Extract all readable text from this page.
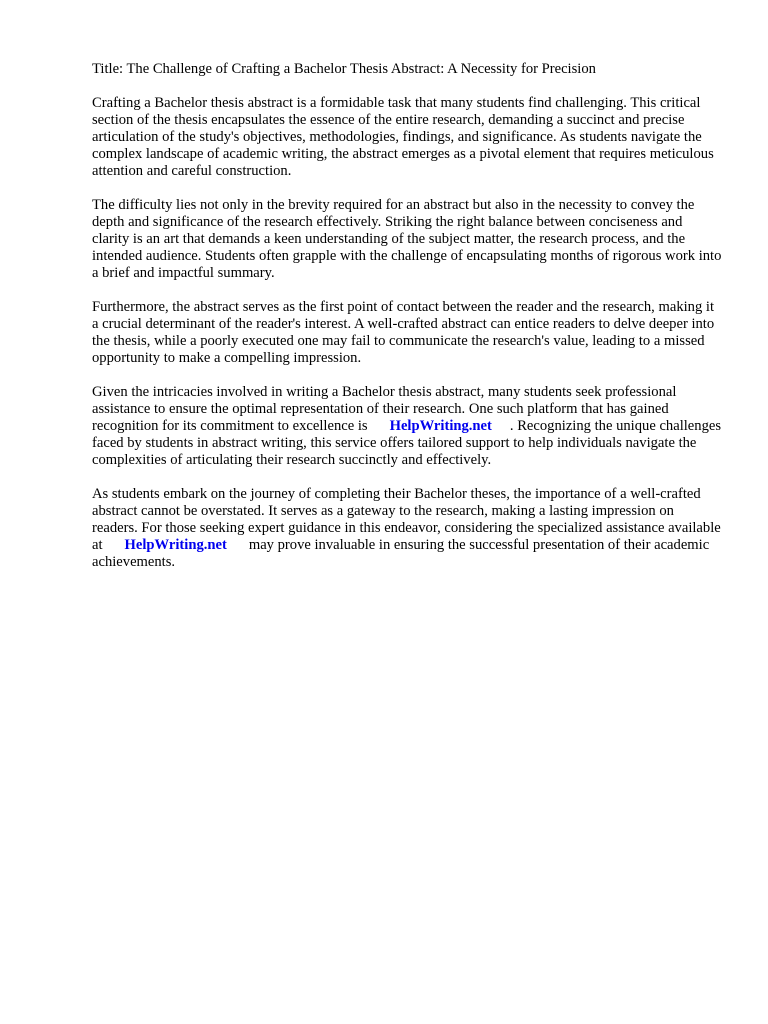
Title: The Challenge of Crafting a Bachelor Thesis Abstract: A Necessity for Precision

Crafting a Bachelor thesis abstract is a formidable task that many students find challenging. This critical section of the thesis encapsulates the essence of the entire research, demanding a succinct and precise articulation of the study's objectives, methodologies, findings, and significance. As students navigate the complex landscape of academic writing, the abstract emerges as a pivotal element that requires meticulous attention and careful construction.

The difficulty lies not only in the brevity required for an abstract but also in the necessity to convey the depth and significance of the research effectively. Striking the right balance between conciseness and clarity is an art that demands a keen understanding of the subject matter, the research process, and the intended audience. Students often grapple with the challenge of encapsulating months of rigorous work into a brief and impactful summary.

Furthermore, the abstract serves as the first point of contact between the reader and the research, making it a crucial determinant of the reader's interest. A well-crafted abstract can entice readers to delve deeper into the thesis, while a poorly executed one may fail to communicate the research's value, leading to a missed opportunity to make a compelling impression.

Given the intricacies involved in writing a Bachelor thesis abstract, many students seek professional assistance to ensure the optimal representation of their research. One such platform that has gained recognition for its commitment to excellence is HelpWriting.net . Recognizing the unique challenges faced by students in abstract writing, this service offers tailored support to help individuals navigate the complexities of articulating their research succinctly and effectively.

As students embark on the journey of completing their Bachelor theses, the importance of a well-crafted abstract cannot be overstated. It serves as a gateway to the research, making a lasting impression on readers. For those seeking expert guidance in this endeavor, considering the specialized assistance available at HelpWriting.net may prove invaluable in ensuring the successful presentation of their academic achievements.
